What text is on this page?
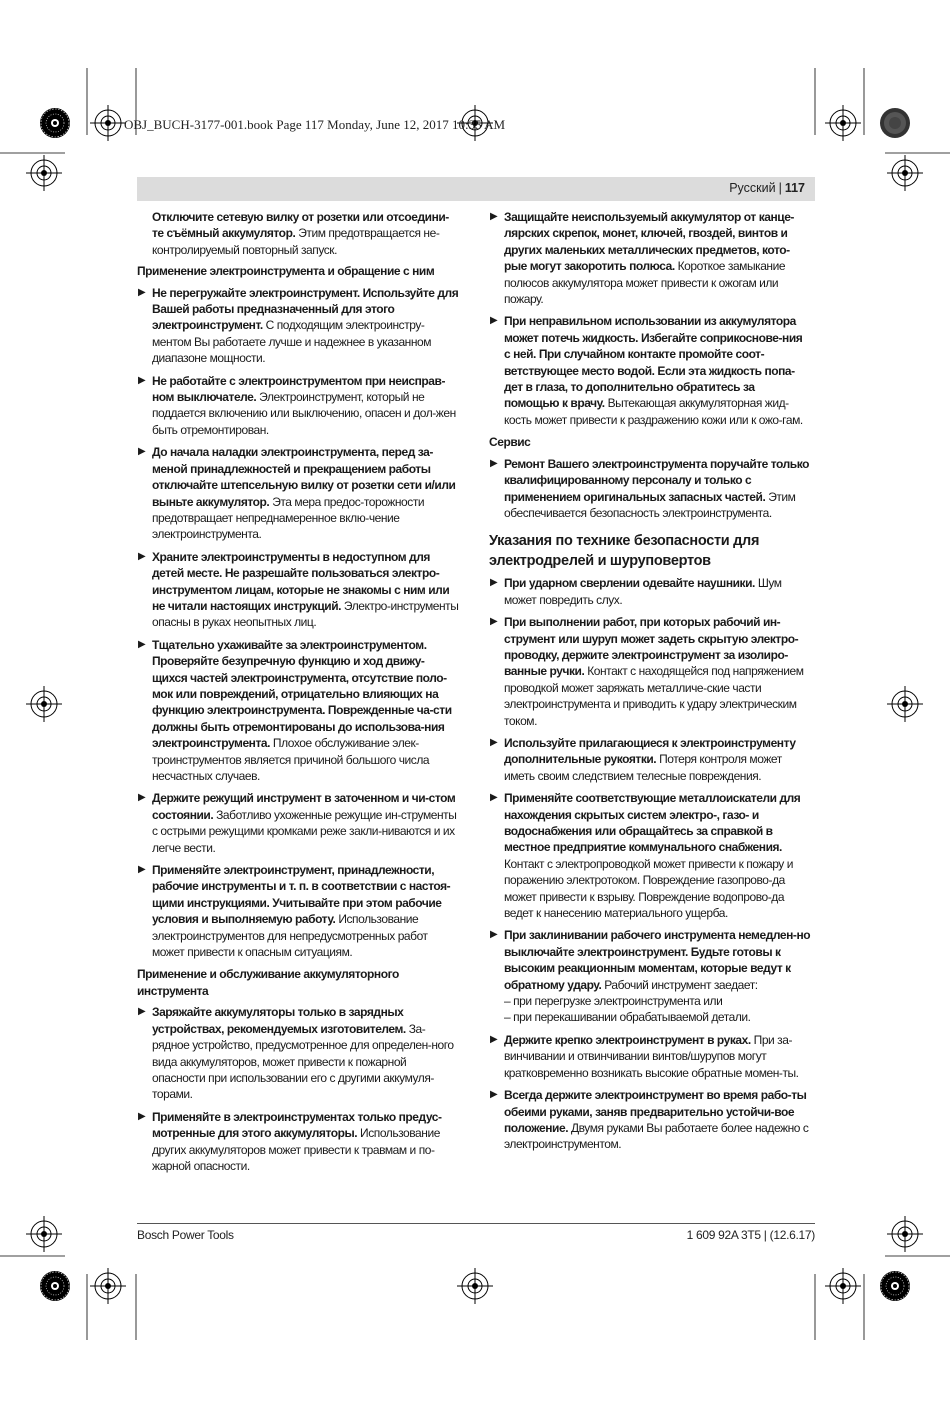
OBJ_BUCH-3177-001.book Page 117 Monday, June 12, 2017 10:35 AM
Русский | 117

Отключите сетевую вилку от розетки или отсоедини-те съёмный аккумулятор. Этим предотвращается не-контролируемый повторный запуск.

Применение электроинструмента и обращение с ним

▶ Не перегружайте электроинструмент. Используйте для Вашей работы предназначенный для этого электроинструмент. С подходящим электроинстру-ментом Вы работаете лучше и надежнее в указанном диапазоне мощности.

▶ Не работайте с электроинструментом при неисправ-ном выключателе. Электроинструмент, который не поддается включению или выключению, опасен и дол-жен быть отремонтирован.

▶ До начала наладки электроинструмента, перед за-меной принадлежностей и прекращением работы отключайте штепсельную вилку от розетки сети и/или выньте аккумулятор. Эта мера предос-торожности предотвращает непреднамеренное вклю-чение электроинструмента.

▶ Храните электроинструменты в недоступном для детей месте. Не разрешайте пользоваться электро-инструментом лицам, которые не знакомы с ним или не читали настоящих инструкций. Электро-инструменты опасны в руках неопытных лиц.

▶ Тщательно ухаживайте за электроинструментом. Проверяйте безупречную функцию и ход движу-щихся частей электроинструмента, отсутствие поло-мок или повреждений, отрицательно влияющих на функцию электроинструмента. Поврежденные ча-сти должны быть отремонтированы до использова-ния электроинструмента. Плохое обслуживание элек-троинструментов является причиной большого числа несчастных случаев.

▶ Держите режущий инструмент в заточенном и чи-стом состоянии. Заботливо ухоженные режущие ин-струменты с острыми режущими кромками реже закли-ниваются и их легче вести.

▶ Применяйте электроинструмент, принадлежности, рабочие инструменты и т. п. в соответствии с настоя-щими инструкциями. Учитывайте при этом рабочие условия и выполняемую работу. Использование электроинструментов для непредусмотренных работ может привести к опасным ситуациям.

Применение и обслуживание аккумуляторного инструмента

▶ Заряжайте аккумуляторы только в зарядных устройствах, рекомендуемых изготовителем. За-рядное устройство, предусмотренное для определен-ного вида аккумуляторов, может привести к пожарной опасности при использовании его с другими аккумуля-торами.

▶ Применяйте в электроинструментах только предус-мотренные для этого аккумуляторы. Использование других аккумуляторов может привести к травмам и по-жарной опасности.

▶ Защищайте неиспользуемый аккумулятор от канце-лярских скрепок, монет, ключей, гвоздей, винтов и других маленьких металлических предметов, кото-рые могут закоротить полюса. Короткое замыкание полюсов аккумулятора может привести к ожогам или пожару.

▶ При неправильном использовании из аккумулятора может потечь жидкость. Избегайте соприкоснове-ния с ней. При случайном контакте промойте соот-ветствующее место водой. Если эта жидкость попа-дет в глаза, то дополнительно обратитесь за помощью к врачу. Вытекающая аккумуляторная жид-кость может привести к раздражению кожи или к ожо-гам.

Сервис

▶ Ремонт Вашего электроинструмента поручайте только квалифицированному персоналу и только с применением оригинальных запасных частей. Этим обеспечивается безопасность электроинструмента.

Указания по технике безопасности для электродрелей и шуруповертов

▶ При ударном сверлении одевайте наушники. Шум может повредить слух.

▶ При выполнении работ, при которых рабочий ин-струмент или шуруп может задеть скрытую электро-проводку, держите электроинструмент за изолиро-ванные ручки. Контакт с находящейся под напряжением проводкой может заряжать металличе-ские части электроинструмента и приводить к удару электрическим током.

▶ Используйте прилагающиеся к электроинструменту дополнительные рукоятки. Потеря контроля может иметь своим следствием телесные повреждения.

▶ Применяйте соответствующие металлоискатели для нахождения скрытых систем электро-, газо- и водоснабжения или обращайтесь за справкой в местное предприятие коммунального снабжения. Контакт с электропроводкой может привести к пожару и поражению электротоком. Повреждение газопрово-да может привести к взрыву. Повреждение водопрово-да ведет к нанесению материального ущерба.

▶ При заклинивании рабочего инструмента немедлен-но выключайте электроинструмент. Будьте готовы к высоким реакционным моментам, которые ведут к обратному удару. Рабочий инструмент заедает:

– при перегрузке электроинструмента или

– при перекашивании обрабатываемой детали.

▶ Держите крепко электроинструмент в руках. При за-винчивании и отвинчивании винтов/шурупов могут кратковременно возникать высокие обратные момен-ты.

▶ Всегда держите электроинструмент во время рабо-ты обеими руками, заняв предварительно устойчи-вое положение. Двумя руками Вы работаете более надежно с электроинструментом.

Bosch Power Tools	1 609 92A 3T5 | (12.6.17)
